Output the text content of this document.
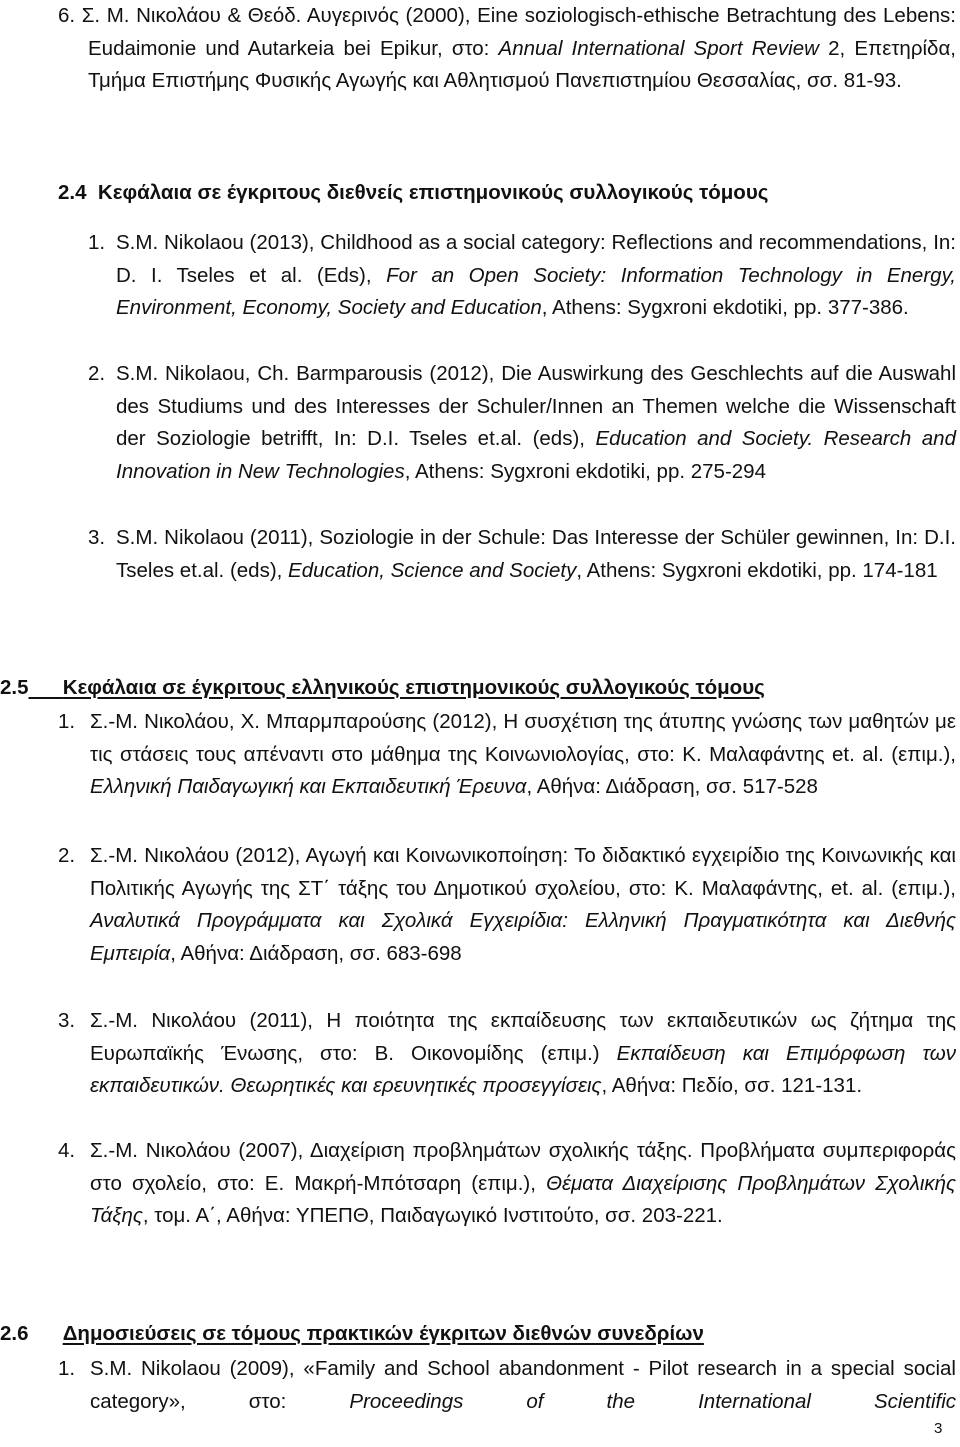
6. Σ. Μ. Νικολάου & Θεόδ. Αυγερινός (2000), Eine soziologisch-ethische Betrachtung des Lebens: Eudaimonie und Autarkeia bei Epikur, στο: Annual International Sport Review 2, Επετηρίδα, Τμήμα Επιστήμης Φυσικής Αγωγής και Αθλητισμού Πανεπιστημίου Θεσσαλίας, σσ. 81-93.
2.4 Κεφάλαια σε έγκριτους διεθνείς επιστημονικούς συλλογικούς τόμους
1. S.M. Nikolaou (2013), Childhood as a social category: Reflections and recommendations, In: D. I. Tseles et al. (Eds), For an Open Society: Information Technology in Energy, Environment, Economy, Society and Education, Athens: Sygxroni ekdotiki, pp. 377-386.
2. S.M. Nikolaou, Ch. Barmparousis (2012), Die Auswirkung des Geschlechts auf die Auswahl des Studiums und des Interesses der Schuler/Innen an Themen welche die Wissenschaft der Soziologie betrifft, In: D.I. Tseles et.al. (eds), Education and Society. Research and Innovation in New Technologies, Athens: Sygxroni ekdotiki, pp. 275-294
3. S.M. Nikolaou (2011), Soziologie in der Schule: Das Interesse der Schüler gewinnen, In: D.I. Tseles et.al. (eds), Education, Science and Society, Athens: Sygxroni ekdotiki, pp. 174-181
2.5 Κεφάλαια σε έγκριτους ελληνικούς επιστημονικούς συλλογικούς τόμους
1. Σ.-Μ. Νικολάου, Χ. Μπαρμπαρούσης (2012), Η συσχέτιση της άτυπης γνώσης των μαθητών με τις στάσεις τους απέναντι στο μάθημα της Κοινωνιολογίας, στο: Κ. Μαλαφάντης et. al. (επιμ.), Ελληνική Παιδαγωγική και Εκπαιδευτική Έρευνα, Αθήνα: Διάδραση, σσ. 517-528
2. Σ.-Μ. Νικολάου (2012), Αγωγή και Κοινωνικοποίηση: Το διδακτικό εγχειρίδιο της Κοινωνικής και Πολιτικής Αγωγής της ΣΤ΄ τάξης του Δημοτικού σχολείου, στο: Κ. Μαλαφάντης, et. al. (επιμ.), Αναλυτικά Προγράμματα και Σχολικά Εγχειρίδια: Ελληνική Πραγματικότητα και Διεθνής Εμπειρία, Αθήνα: Διάδραση, σσ. 683-698
3. Σ.-Μ. Νικολάου (2011), Η ποιότητα της εκπαίδευσης των εκπαιδευτικών ως ζήτημα της Ευρωπαϊκής Ένωσης, στο: Β. Οικονομίδης (επιμ.) Εκπαίδευση και Επιμόρφωση των εκπαιδευτικών. Θεωρητικές και ερευνητικές προσεγγίσεις, Αθήνα: Πεδίο, σσ. 121-131.
4. Σ.-Μ. Νικολάου (2007), Διαχείριση προβλημάτων σχολικής τάξης. Προβλήματα συμπεριφοράς στο σχολείο, στο: Ε. Μακρή-Μπότσαρη (επιμ.), Θέματα Διαχείρισης Προβλημάτων Σχολικής Τάξης, τομ. Α΄, Αθήνα: ΥΠΕΠΘ, Παιδαγωγικό Ινστιτούτο, σσ. 203-221.
2.6 Δημοσιεύσεις σε τόμους πρακτικών έγκριτων διεθνών συνεδρίων
1. S.M. Nikolaou (2009), «Family and School abandonment - Pilot research in a special social category», στο: Proceedings of the International Scientific
3
